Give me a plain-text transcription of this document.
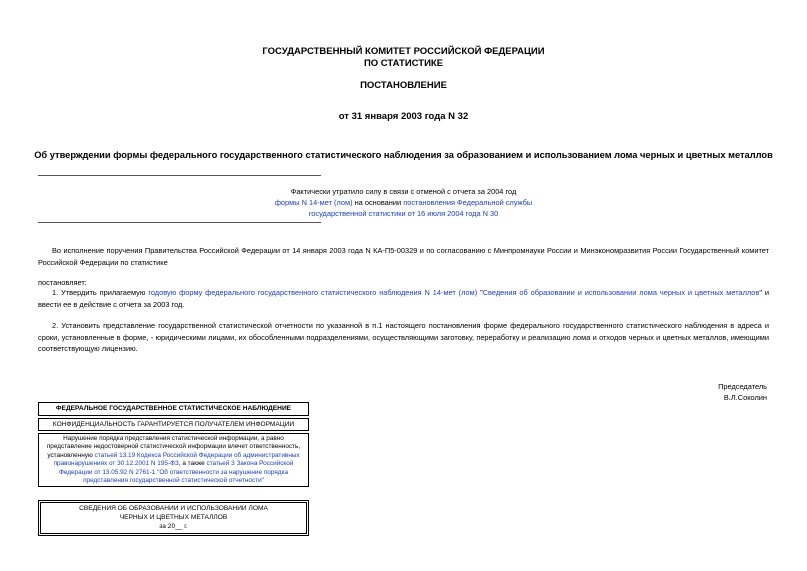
ГОСУДАРСТВЕННЫЙ КОМИТЕТ РОССИЙСКОЙ ФЕДЕРАЦИИ
ПО СТАТИСТИКЕ
ПОСТАНОВЛЕНИЕ
от 31 января 2003 года N 32
Об утверждении формы федерального государственного статистического наблюдения за образованием и использованием лома черных и цветных металлов
Фактически утратило силу в связи с отменой с отчета за 2004 год
формы N 14-мет (лом) на основании постановления Федеральной службы
государственной статистики от 16 июля 2004 года N 30
Во исполнение поручения Правительства Российской Федерации от 14 января 2003 года N КА-П5-00329 и по согласованию с Минпромнауки России и Минэкономразвития России Государственный комитет Российской Федерации по статистике
постановляет:
1. Утвердить прилагаемую годовую форму федерального государственного статистического наблюдения N 14-мет (лом) "Сведения об образовании и использовании лома черных и цветных металлов" и ввести ее в действие с отчета за 2003 год.
2. Установить представление государственной статистической отчетности по указанной в п.1 настоящего постановления форме федерального государственного статистического наблюдения в адреса и сроки, установленные в форме, - юридическими лицами, их обособленными подразделениями, осуществляющими заготовку, переработку и реализацию лома и отходов черных и цветных металлов, имеющими соответствующую лицензию.
Председатель
В.Л.Соколин
ФЕДЕРАЛЬНОЕ ГОСУДАРСТВЕННОЕ СТАТИСТИЧЕСКОЕ НАБЛЮДЕНИЕ
КОНФИДЕНЦИАЛЬНОСТЬ ГАРАНТИРУЕТСЯ ПОЛУЧАТЕЛЕМ ИНФОРМАЦИИ
Нарушение порядка представления статистической информации, а равно
представление недостоверной статистической информации влечет ответственность,
установленную статьей 13.19 Кодекса Российской Федерации об административных
правонарушениях от 30.12.2001 N 195-ФЗ, а также статьей 3 Закона Российской
Федерации от 13.05.92 N 2761-1 "Об ответственности за нарушение порядка
представления государственной статистической отчетности"
СВЕДЕНИЯ ОБ ОБРАЗОВАНИИ И ИСПОЛЬЗОВАНИИ ЛОМА
ЧЕРНЫХ И ЦВЕТНЫХ МЕТАЛЛОВ
за 20__ г.
